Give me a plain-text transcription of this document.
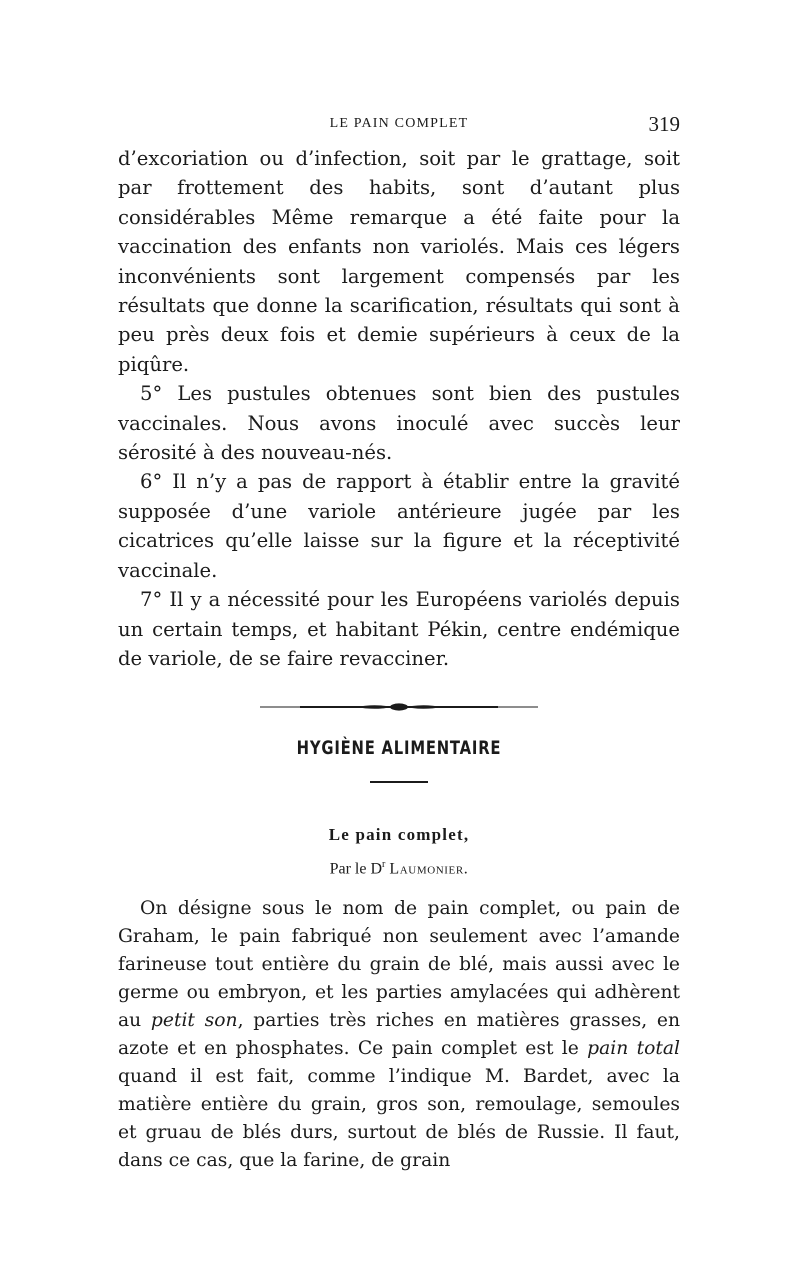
LE PAIN COMPLET	319

d’excoriation ou d’infection, soit par le grattage, soit par frottement des habits, sont d’autant plus considérables Même remarque a été faite pour la vaccination des enfants non variolés. Mais ces légers inconvénients sont largement compensés par les résultats que donne la scarification, résultats qui sont à peu près deux fois et demie supérieurs à ceux de la piqûre.

5° Les pustules obtenues sont bien des pustules vaccinales. Nous avons inoculé avec succès leur sérosité à des nouveau-nés.

6° Il n’y a pas de rapport à établir entre la gravité supposée d’une variole antérieure jugée par les cicatrices qu’elle laisse sur la figure et la réceptivité vaccinale.

7° Il y a nécessité pour les Européens variolés depuis un certain temps, et habitant Pékin, centre endémique de variole, de se faire revacciner.

HYGIÈNE ALIMENTAIRE
Le pain complet,
Par le $D^r$ Laumonier.

On désigne sous le nom de pain complet, ou pain de Graham, le pain fabriqué non seulement avec l’amande farineuse tout entière du grain de blé, mais aussi avec le germe ou embryon, et les parties amylacées qui adhèrent au petit son, parties très riches en matières grasses, en azote et en phosphates. Ce pain complet est le pain total quand il est fait, comme l’indique M. Bardet, avec la matière entière du grain, gros son, remoulage, semoules et gruau de blés durs, surtout de blés de Russie. Il faut, dans ce cas, que la farine, de grain
